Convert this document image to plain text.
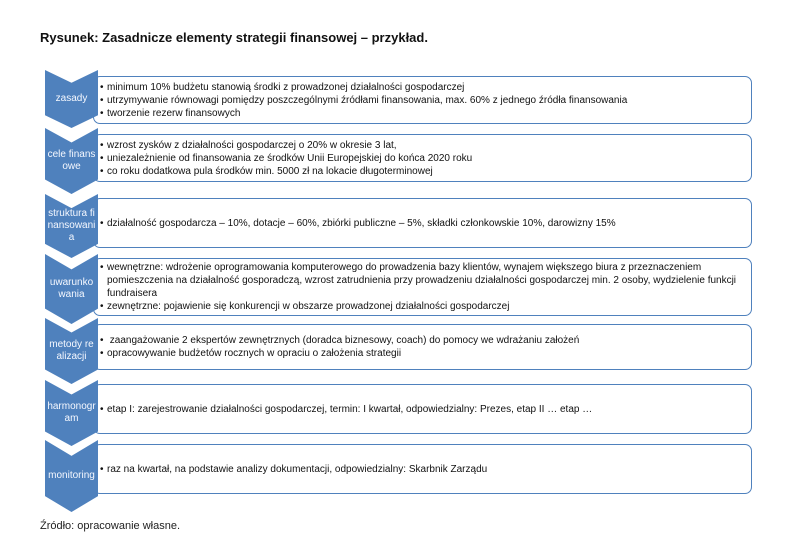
Rysunek: Zasadnicze elementy strategii finansowej – przykład.

• minimum 10% budżetu stanowią środki z prowadzonej działalności gospodarczej

• utrzymywanie równowagi pomiędzy poszczególnymi źródłami finansowania, max. 60% z jednego źródła finansowania

• tworzenie rezerw finansowych

zasady

• wzrost zysków z działalności gospodarczej o 20% w okresie 3 lat,

• uniezależnienie od finansowania ze środków Unii Europejskiej do końca 2020 roku

• co roku dodatkowa pula środków min. 5000 zł na lokacie długoterminowej

cele finansowe

• działalność gospodarcza – 10%, dotacje – 60%, zbiórki publiczne – 5%, składki członkowskie 10%, darowizny 15%

struktura finansowania

• wewnętrzne: wdrożenie oprogramowania komputerowego do prowadzenia bazy klientów, wynajem większego biura z przeznaczeniem pomieszczenia na działalność gosporadczą, wzrost zatrudnienia przy prowadzeniu działalności gospodarczej min. 2 osoby, wydzielenie funkcji fundraisera

• zewnętrzne: pojawienie się konkurencji w obszarze prowadzonej działalności gospodarczej

uwarunkowania

• zaangażowanie 2 ekspertów zewnętrznych (doradca biznesowy, coach) do pomocy we wdrażaniu założeń

• opracowywanie budżetów rocznych w opraciu o założenia strategii

metody realizacji

• etap I: zarejestrowanie działalności gospodarczej, termin: I kwartał, odpowiedzialny: Prezes, etap II … etap …

harmonogram

• raz na kwartał, na podstawie analizy dokumentacji, odpowiedzialny: Skarbnik Zarządu

monitoring
Źródło: opracowanie własne.
